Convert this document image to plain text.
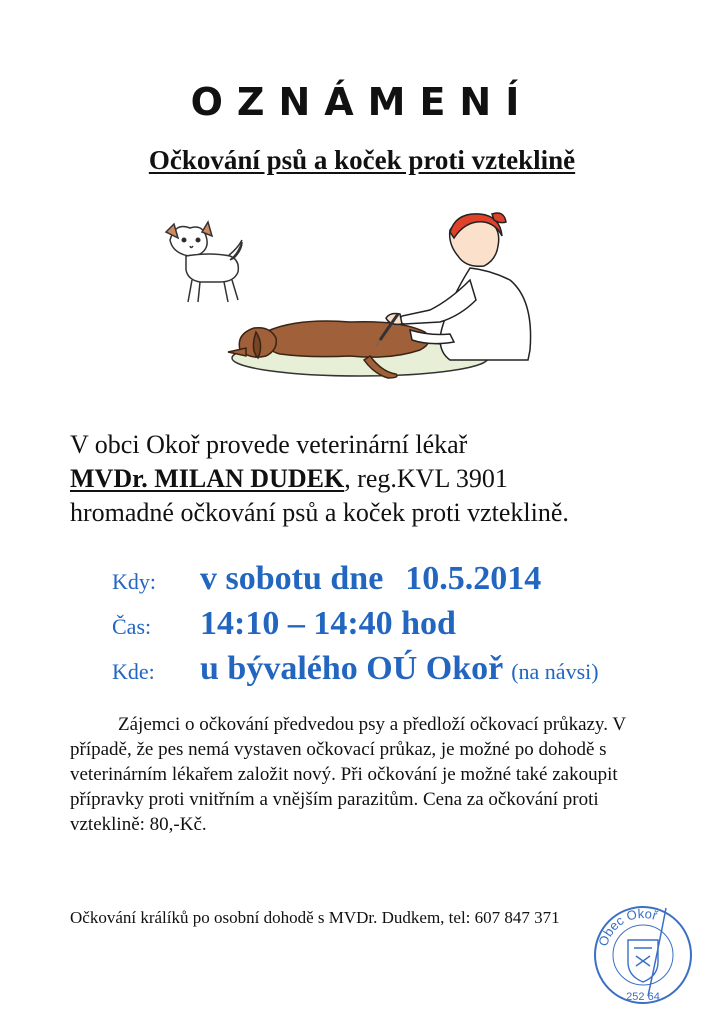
OZNÁMENÍ
Očkování psů a koček proti vzteklině
V obci Okoř provede veterinární lékař
MVDr. MILAN DUDEK, reg.KVL 3901
hromadné očkování psů a koček proti vzteklině.
Kdy:	v sobotu dne 10.5.2014
Čas:	14:10 – 14:40 hod
Kde:	u bývalého OÚ Okoř (na návsi)
Zájemci o očkování předvedou psy a předloží očkovací průkazy. V případě, že pes nemá vystaven očkovací průkaz, je možné po dohodě s veterinárním lékařem založit nový. Při očkování je možné také zakoupit přípravky proti vnitřním a vnějším parazitům. Cena za očkování proti vzteklině: 80,-Kč.
Očkování králíků po osobní dohodě s MVDr. Dudkem, tel: 607 847 371
Obec Okoř
252 64
